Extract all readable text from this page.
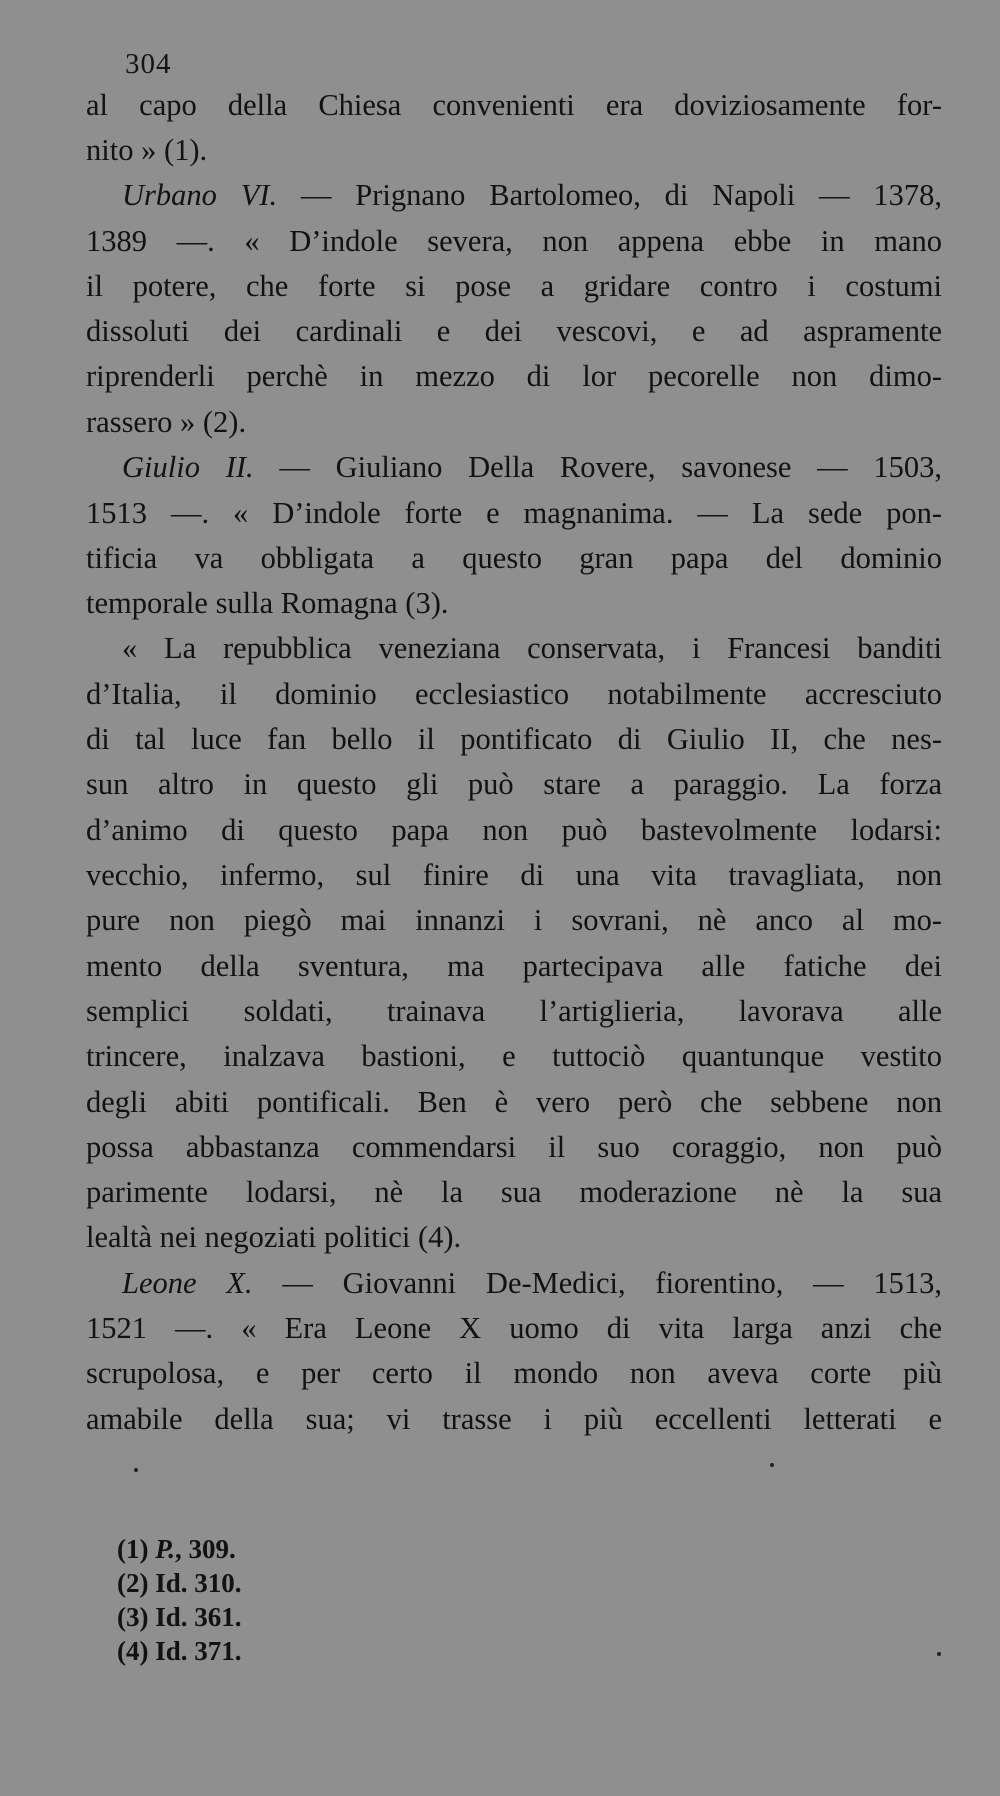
304
al capo della Chiesa convenienti era doviziosamente for-
nito » (1).
Urbano VI. — Prignano Bartolomeo, di Napoli — 1378,
1389 —. « D’indole severa, non appena ebbe in mano
il potere, che forte si pose a gridare contro i costumi
dissoluti dei cardinali e dei vescovi, e ad aspramente
riprenderli perchè in mezzo di lor pecorelle non dimo-
rassero » (2).
Giulio II. — Giuliano Della Rovere, savonese — 1503,
1513 —. « D’indole forte e magnanima. — La sede pon-
tificia va obbligata a questo gran papa del dominio
temporale sulla Romagna (3).
« La repubblica veneziana conservata, i Francesi banditi
d’Italia, il dominio ecclesiastico notabilmente accresciuto
di tal luce fan bello il pontificato di Giulio II, che nes-
sun altro in questo gli può stare a paraggio. La forza
d’animo di questo papa non può bastevolmente lodarsi:
vecchio, infermo, sul finire di una vita travagliata, non
pure non piegò mai innanzi i sovrani, nè anco al mo-
mento della sventura, ma partecipava alle fatiche dei
semplici soldati, trainava l’artiglieria, lavorava alle
trincere, inalzava bastioni, e tuttociò quantunque vestito
degli abiti pontificali. Ben è vero però che sebbene non
possa abbastanza commendarsi il suo coraggio, non può
parimente lodarsi, nè la sua moderazione nè la sua
lealtà nei negoziati politici (4).
Leone X. — Giovanni De-Medici, fiorentino, — 1513,
1521 —. « Era Leone X uomo di vita larga anzi che
scrupolosa, e per certo il mondo non aveva corte più
amabile della sua; vi trasse i più eccellenti letterati e
(1) P., 309.
(2) Id. 310.
(3) Id. 361.
(4) Id. 371.
